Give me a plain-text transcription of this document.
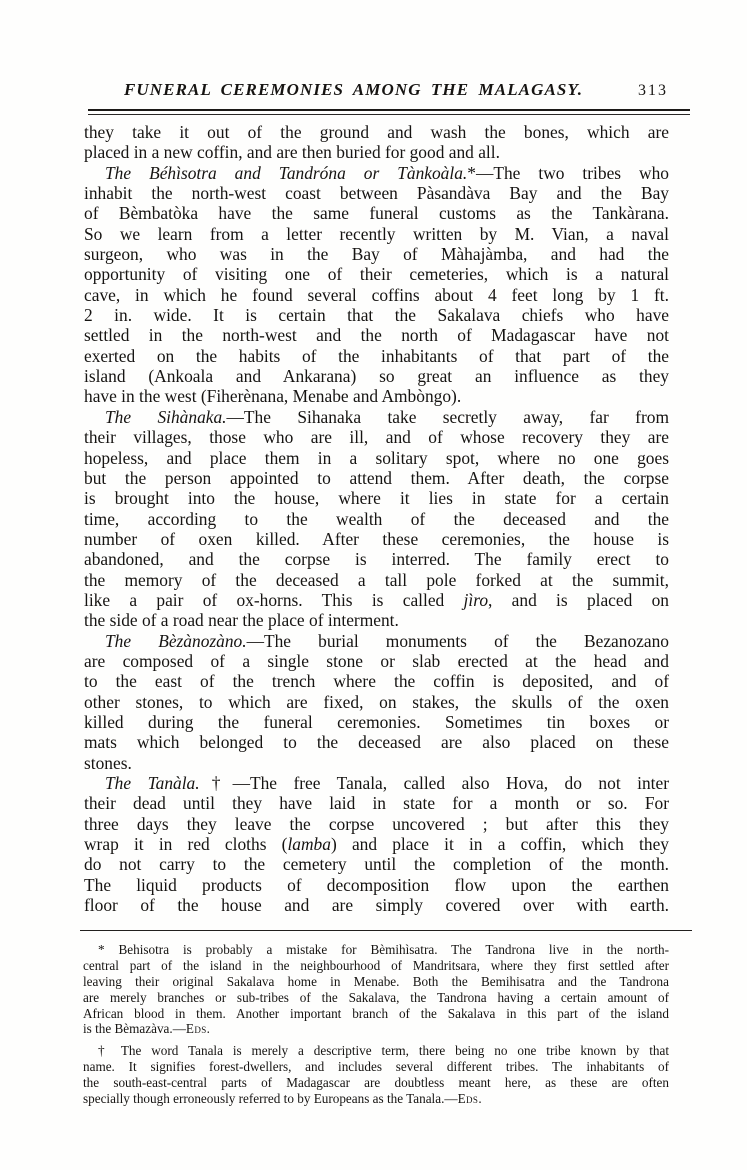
FUNERAL CEREMONIES AMONG THE MALAGASY.	313
they take it out of the ground and wash the bones, which are
placed in a new coffin, and are then buried for good and all.
The Béhìsotra and Tandróna or Tànkoàla.*—The two tribes who
inhabit the north-west coast between Pàsandàva Bay and the Bay
of Bèmbatòka have the same funeral customs as the Tankàrana.
So we learn from a letter recently written by M. Vian, a naval
surgeon, who was in the Bay of Màhajàmba, and had the
opportunity of visiting one of their cemeteries, which is a natural
cave, in which he found several coffins about 4 feet long by 1 ft.
2 in. wide. It is certain that the Sakalava chiefs who have
settled in the north-west and the north of Madagascar have not
exerted on the habits of the inhabitants of that part of the
island (Ankoala and Ankarana) so great an influence as they
have in the west (Fiherènana, Menabe and Ambòngo).
The Sihànaka.—The Sihanaka take secretly away, far from
their villages, those who are ill, and of whose recovery they are
hopeless, and place them in a solitary spot, where no one goes
but the person appointed to attend them. After death, the corpse
is brought into the house, where it lies in state for a certain
time, according to the wealth of the deceased and the
number of oxen killed. After these ceremonies, the house is
abandoned, and the corpse is interred. The family erect to
the memory of the deceased a tall pole forked at the summit,
like a pair of ox-horns. This is called jìro, and is placed on
the side of a road near the place of interment.
The Bèzànozàno.—The burial monuments of the Bezanozano
are composed of a single stone or slab erected at the head and
to the east of the trench where the coffin is deposited, and of
other stones, to which are fixed, on stakes, the skulls of the oxen
killed during the funeral ceremonies. Sometimes tin boxes or
mats which belonged to the deceased are also placed on these
stones.
The Tanàla.†—The free Tanala, called also Hova, do not inter
their dead until they have laid in state for a month or so. For
three days they leave the corpse uncovered ; but after this they
wrap it in red cloths (lamba) and place it in a coffin, which they
do not carry to the cemetery until the completion of the month.
The liquid products of decomposition flow upon the earthen
floor of the house and are simply covered over with earth.
* Behisotra is probably a mistake for Bèmihìsatra. The Tandrona live in the north-
central part of the island in the neighbourhood of Mandritsara, where they first settled after
leaving their original Sakalava home in Menabe. Both the Bemihisatra and the Tandrona
are merely branches or sub-tribes of the Sakalava, the Tandrona having a certain amount of
African blood in them. Another important branch of the Sakalava in this part of the island
is the Bèmazàva.—Eds.
† The word Tanala is merely a descriptive term, there being no one tribe known by that
name. It signifies forest-dwellers, and includes several different tribes. The inhabitants of
the south-east-central parts of Madagascar are doubtless meant here, as these are often
specially though erroneously referred to by Europeans as the Tanala.—Eds.
